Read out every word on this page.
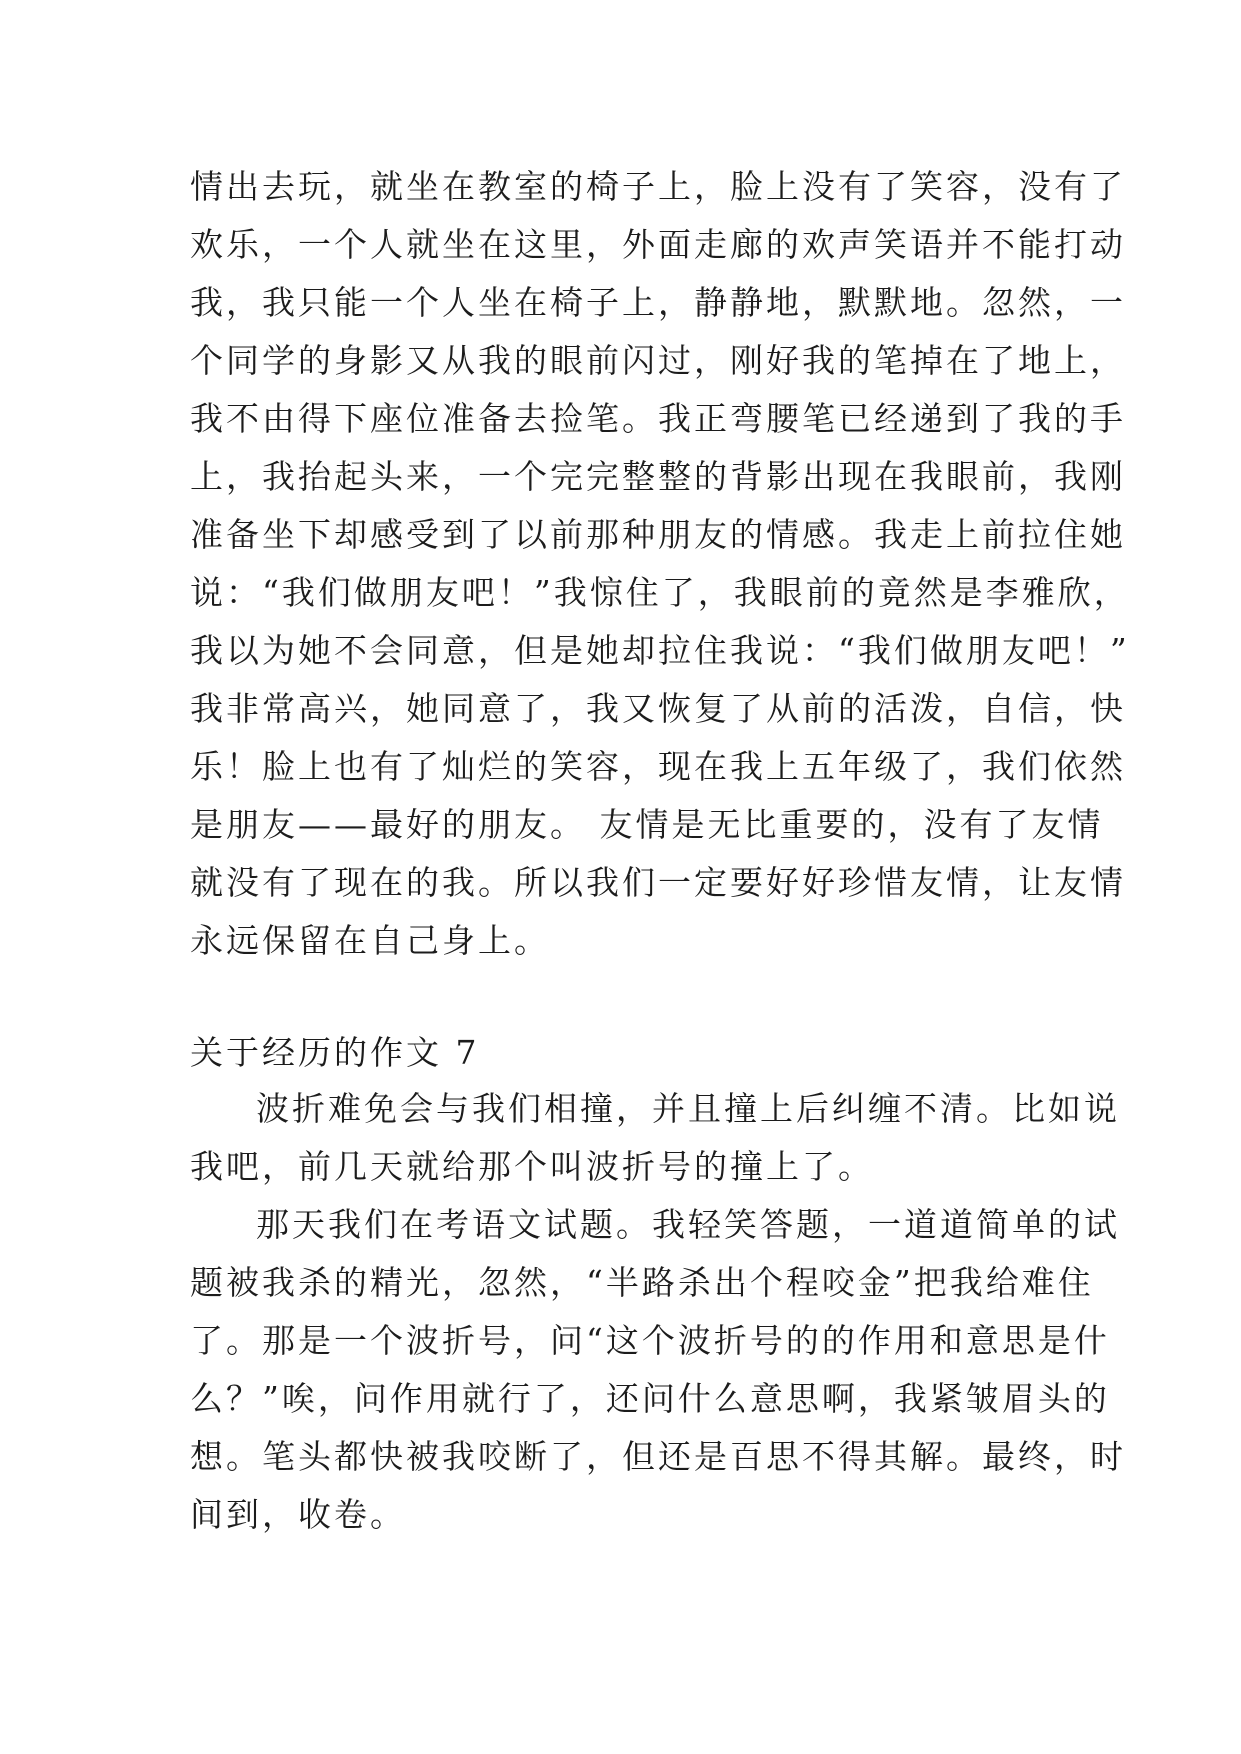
情出去玩，就坐在教室的椅子上，脸上没有了笑容，没有了
欢乐，一个人就坐在这里，外面走廊的欢声笑语并不能打动
我，我只能一个人坐在椅子上，静静地，默默地。忽然，一
个同学的身影又从我的眼前闪过，刚好我的笔掉在了地上，
我不由得下座位准备去捡笔。我正弯腰笔已经递到了我的手
上，我抬起头来，一个完完整整的背影出现在我眼前，我刚
准备坐下却感受到了以前那种朋友的情感。我走上前拉住她
说：“我们做朋友吧！”我惊住了，我眼前的竟然是李雅欣，
我以为她不会同意，但是她却拉住我说：“我们做朋友吧！”
我非常高兴，她同意了，我又恢复了从前的活泼，自信，快
乐！脸上也有了灿烂的笑容，现在我上五年级了，我们依然
是朋友——最好的朋友。 友情是无比重要的，没有了友情
就没有了现在的我。所以我们一定要好好珍惜友情，让友情
永远保留在自己身上。
关于经历的作文 7
波折难免会与我们相撞，并且撞上后纠缠不清。比如说
我吧，前几天就给那个叫波折号的撞上了。
那天我们在考语文试题。我轻笑答题，一道道简单的试
题被我杀的精光，忽然，“半路杀出个程咬金”把我给难住
了。那是一个波折号，问“这个波折号的的作用和意思是什
么？”唉，问作用就行了，还问什么意思啊，我紧皱眉头的
想。笔头都快被我咬断了，但还是百思不得其解。最终，时
间到，收卷。
